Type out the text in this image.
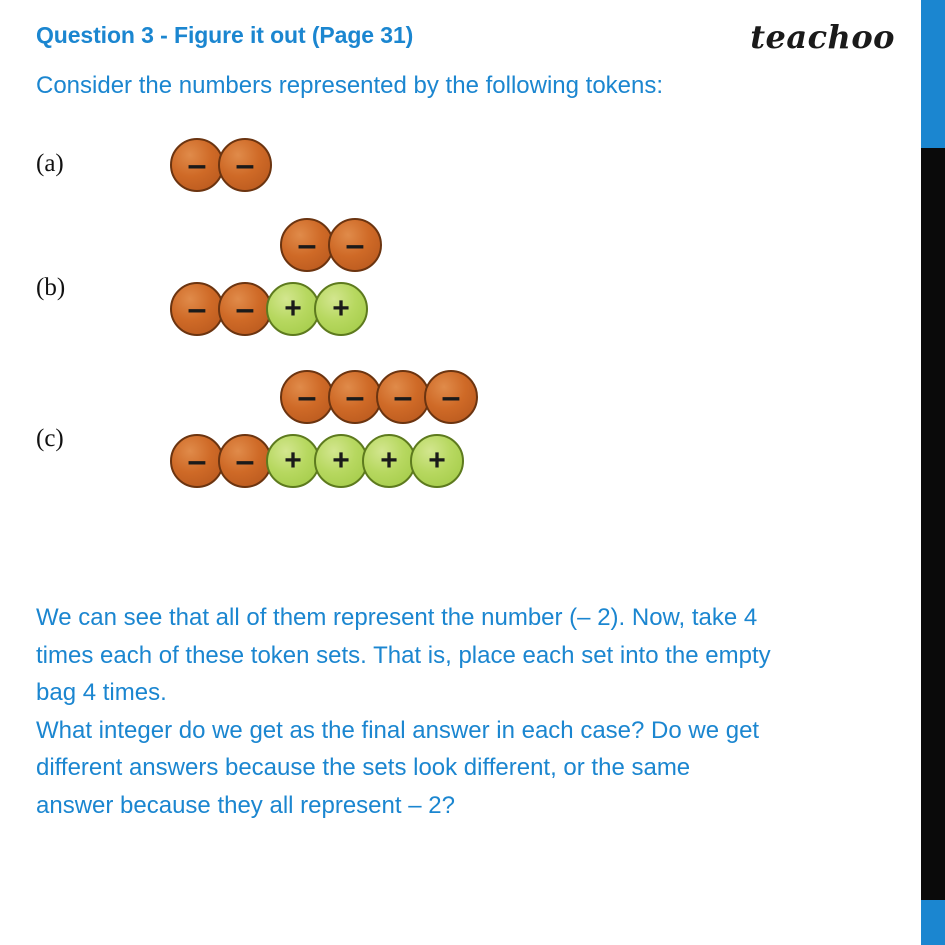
Question 3 - Figure it out (Page 31)	teachoo
Consider the numbers represented by the following tokens:
(a)	– –
(b)
– –
– – +	+
(c)
– – – –
– – +	+	+	+

We can see that all of them represent the number (– 2). Now, take 4

times each of these token sets. That is, place each set into the empty

bag 4 times.

What integer do we get as the final answer in each case? Do we get

different answers because the sets look different, or the same

answer because they all represent – 2?
